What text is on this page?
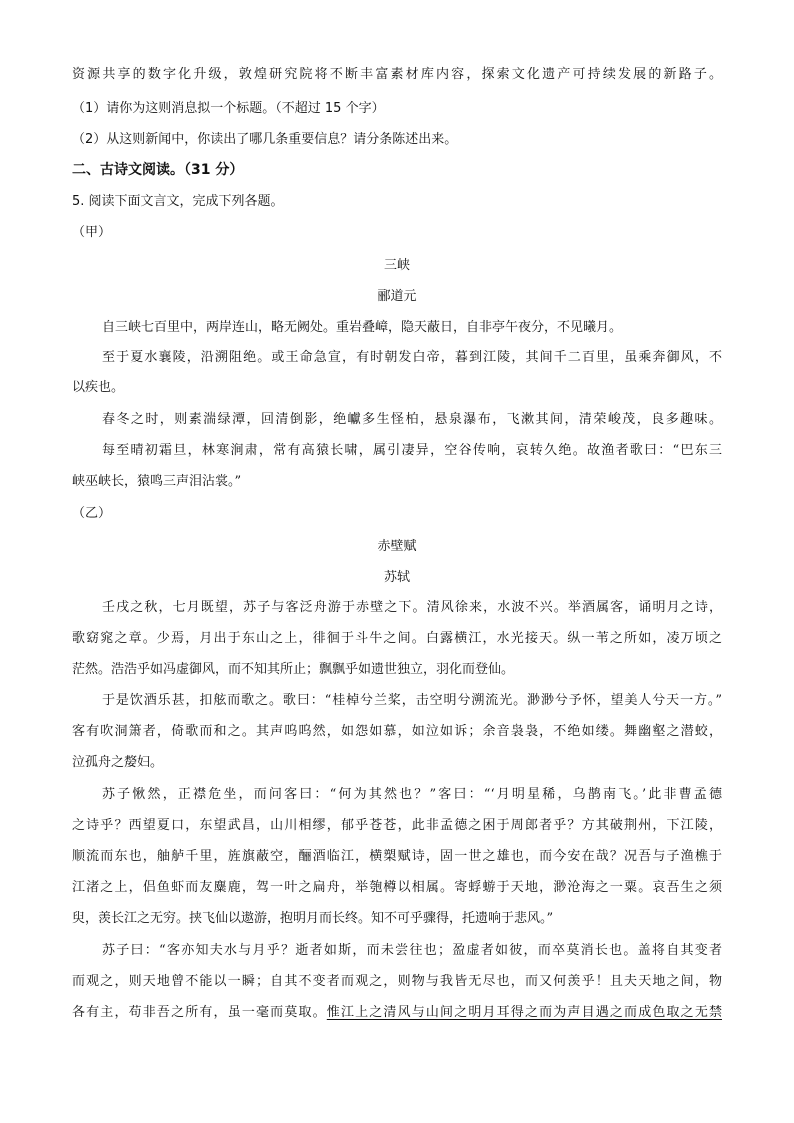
资源共享的数字化升级，敦煌研究院将不断丰富素材库内容，探索文化遗产可持续发展的新路子。
（1）请你为这则消息拟一个标题。（不超过 15 个字）
（2）从这则新闻中，你读出了哪几条重要信息？请分条陈述出来。
二、古诗文阅读。（31 分）
5. 阅读下面文言文，完成下列各题。
（甲）
三峡
郦道元
自三峡七百里中，两岸连山，略无阙处。重岩叠嶂，隐天蔽日，自非亭午夜分，不见曦月。
至于夏水襄陵，沿溯阻绝。或王命急宣，有时朝发白帝，暮到江陵，其间千二百里，虽乘奔御风，不
以疾也。
春冬之时，则素湍绿潭，回清倒影，绝巘多生怪柏，悬泉瀑布，飞漱其间，清荣峻茂，良多趣味。
每至晴初霜旦，林寒涧肃，常有高猿长啸，属引凄异，空谷传响，哀转久绝。故渔者歌曰：“巴东三
峡巫峡长，猿鸣三声泪沾裳。”
（乙）
赤壁赋
苏轼
壬戌之秋，七月既望，苏子与客泛舟游于赤壁之下。清风徐来，水波不兴。举酒属客，诵明月之诗，
歌窈窕之章。少焉，月出于东山之上，徘徊于斗牛之间。白露横江，水光接天。纵一苇之所如，凌万顷之
茫然。浩浩乎如冯虚御风，而不知其所止；飘飘乎如遗世独立，羽化而登仙。
于是饮酒乐甚，扣舷而歌之。歌曰：“桂棹兮兰桨，击空明兮溯流光。渺渺兮予怀，望美人兮天一方。”
客有吹洞箫者，倚歌而和之。其声呜呜然，如怨如慕，如泣如诉；余音袅袅，不绝如缕。舞幽壑之潜蛟，
泣孤舟之嫠妇。
苏子愀然，正襟危坐，而问客曰：“何为其然也？”客曰：“‘月明星稀，乌鹊南飞。’此非曹孟德
之诗乎？西望夏口，东望武昌，山川相缪，郁乎苍苍，此非孟德之困于周郎者乎？方其破荆州，下江陵，
顺流而东也，舳舻千里，旌旗蔽空，酾酒临江，横槊赋诗，固一世之雄也，而今安在哉？况吾与子渔樵于
江渚之上，侣鱼虾而友麋鹿，驾一叶之扁舟，举匏樽以相属。寄蜉蝣于天地，渺沧海之一粟。哀吾生之须
臾，羡长江之无穷。挟飞仙以遨游，抱明月而长终。知不可乎骤得，托遗响于悲风。”
苏子曰：“客亦知夫水与月乎？逝者如斯，而未尝往也；盈虚者如彼，而卒莫消长也。盖将自其变者
而观之，则天地曾不能以一瞬；自其不变者而观之，则物与我皆无尽也，而又何羡乎！且夫天地之间，物
各有主，苟非吾之所有，虽一毫而莫取。惟江上之清风与山间之明月耳得之而为声目遇之而成色取之无禁
